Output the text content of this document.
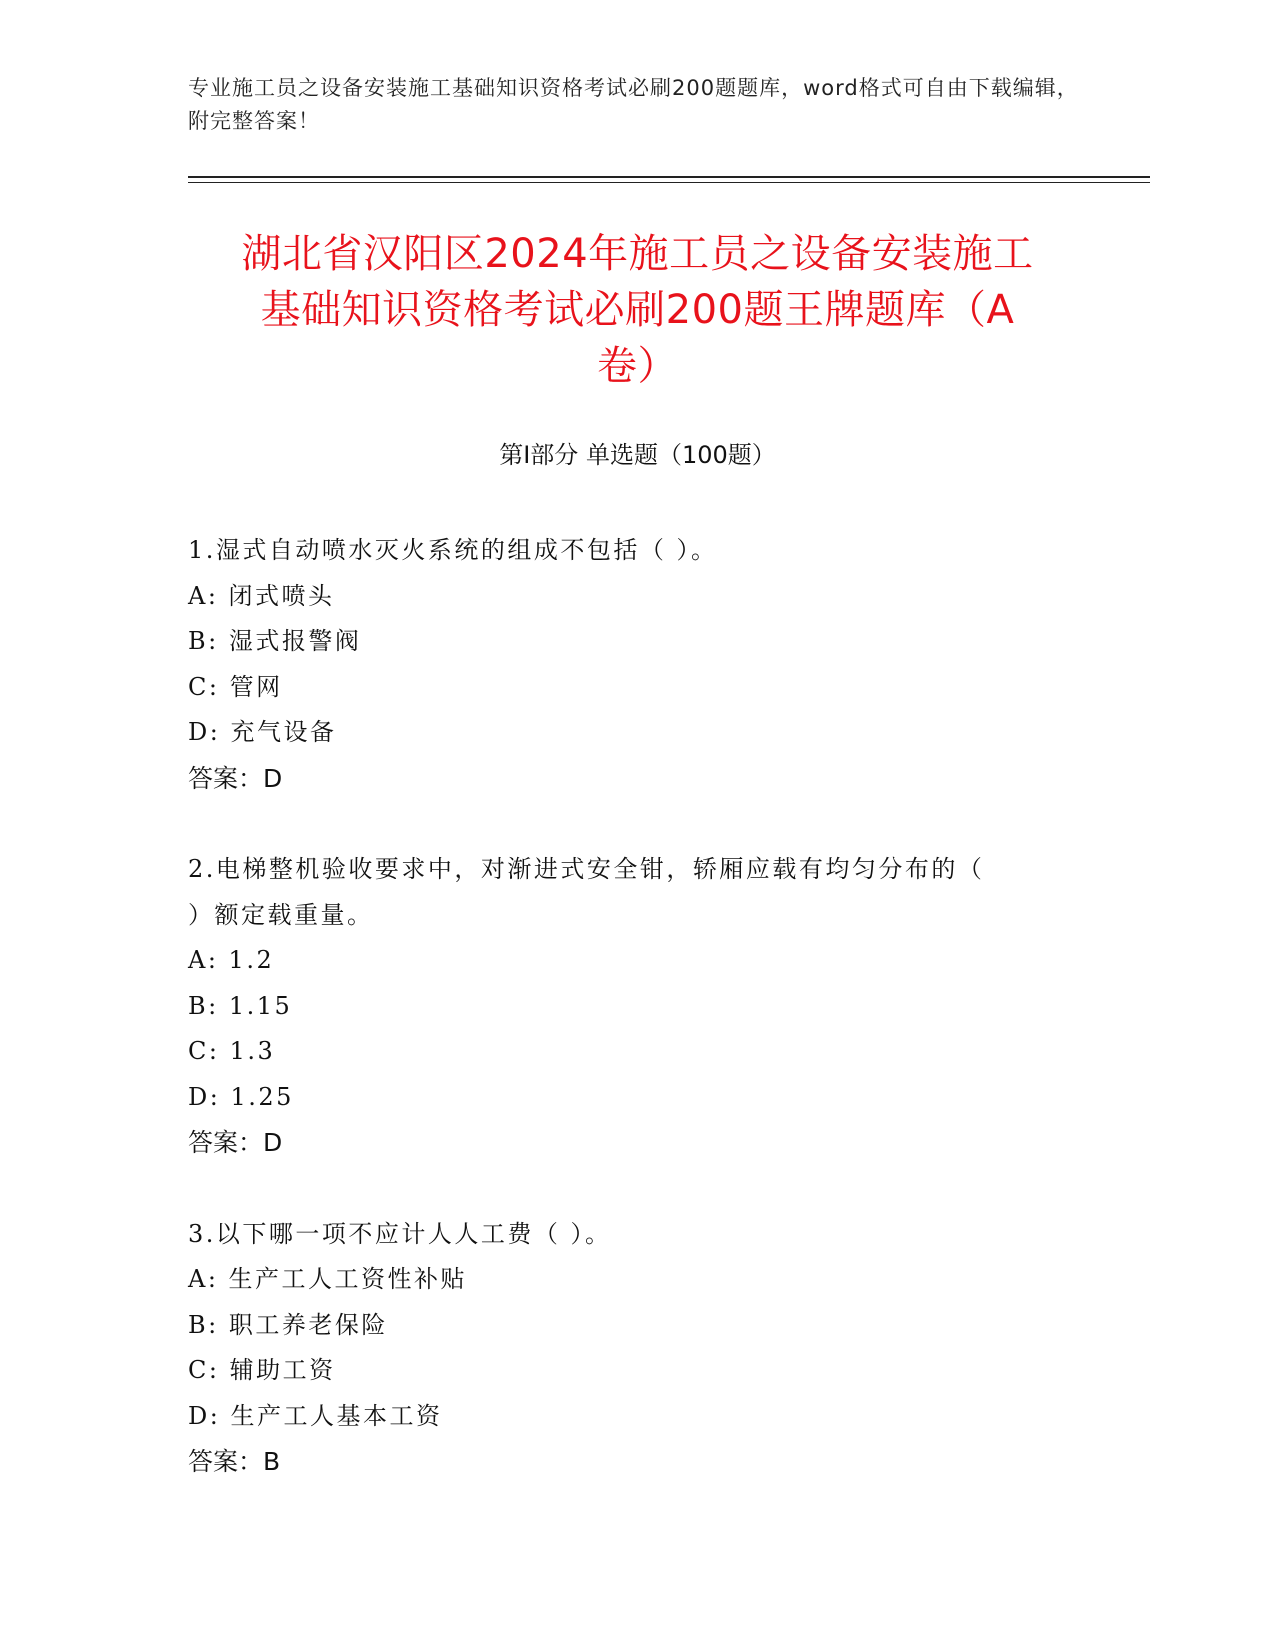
专业施工员之设备安装施工基础知识资格考试必刷200题题库，word格式可自由下载编辑，附完整答案！
湖北省汉阳区2024年施工员之设备安装施工
基础知识资格考试必刷200题王牌题库（A
卷）
第Ⅰ部分 单选题（100题）
1.湿式自动喷水灭火系统的组成不包括（ ）。
A: 闭式喷头
B: 湿式报警阀
C: 管网
D: 充气设备
答案：D
2.电梯整机验收要求中，对渐进式安全钳，轿厢应载有均匀分布的（
）额定载重量。
A: 1.2
B: 1.15
C: 1.3
D: 1.25
答案：D
3.以下哪一项不应计人人工费（ ）。
A: 生产工人工资性补贴
B: 职工养老保险
C: 辅助工资
D: 生产工人基本工资
答案：B
